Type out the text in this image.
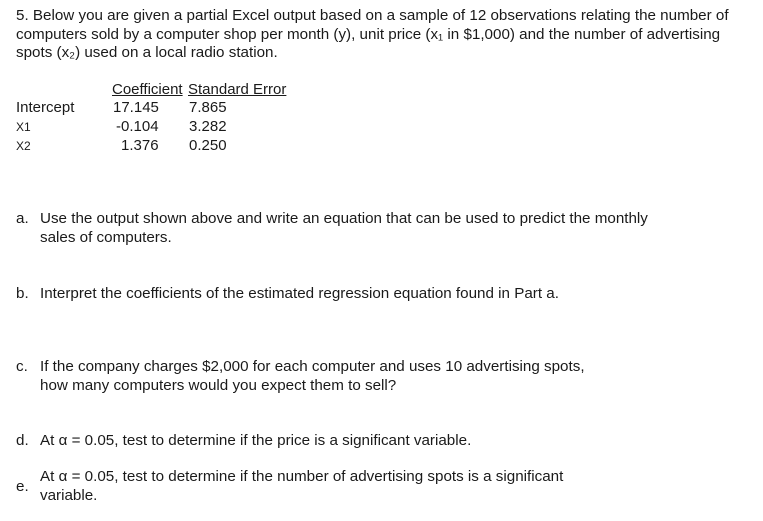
5. Below you are given a partial Excel output based on a sample of 12 observations relating the number of computers sold by a computer shop per month (y), unit price (x₁ in $1,000) and the number of advertising spots (x₂) used on a local radio station.
Coefficient Standard Error
Intercept	17.145 7.865
X1	-0.104 3.282
X2	1.376 0.250
a. Use the output shown above and write an equation that can be used to predict the monthly sales of computers.
b. Interpret the coefficients of the estimated regression equation found in Part a.
c. If the company charges $2,000 for each computer and uses 10 advertising spots, how many computers would you expect them to sell?
d. At α = 0.05, test to determine if the price is a significant variable.
e.
At α = 0.05, test to determine if the number of advertising spots is a significant variable.
